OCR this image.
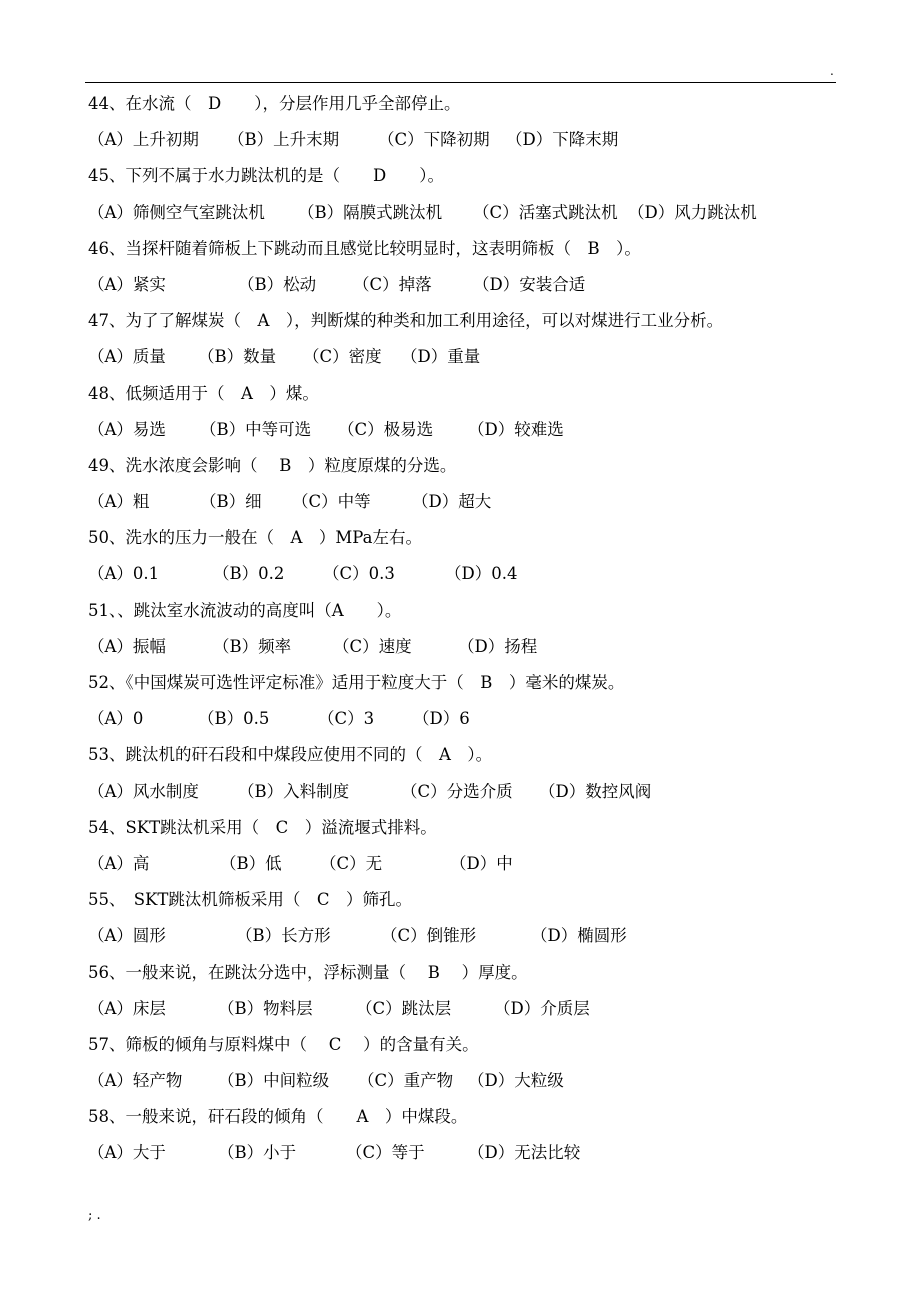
.
44、在水流（　D　　），分层作用几乎全部停止。
（A）上升初期 （B）上升末期 （C）下降初期 （D）下降末期
45、下列不属于水力跳汰机的是（　　D　　）。
（A）筛侧空气室跳汰机 （B）隔膜式跳汰机 （C）活塞式跳汰机 （D）风力跳汰机
46、当探杆随着筛板上下跳动而且感觉比较明显时，这表明筛板（　B　）。
（A）紧实	（B）松动 （C）掉落	（D）安装合适
47、为了了解煤炭（　A　），判断煤的种类和加工利用途径，可以对煤进行工业分析。
（A）质量 （B）数量 （C）密度 （D）重量
48、低频适用于（　A　）煤。
（A）易选 （B）中等可选 （C）极易选 （D）较难选
49、洗水浓度会影响（　 B　）粒度原煤的分选。
（A）粗	（B）细 （C）中等	（D）超大
50、洗水的压力一般在（　A　）MPa左右。
（A）0.1	（B）0.2 （C）0.3	（D）0.4
51、、跳汰室水流波动的高度叫（A　　）。
（A）振幅	（B）频率	（C）速度	（D）扬程
52、《中国煤炭可选性评定标准》适用于粒度大于（　B　）毫米的煤炭。
（A）0	（B）0.5	（C）3 （D）6
53、跳汰机的矸石段和中煤段应使用不同的（　A　）。
（A）风水制度 （B）入料制度	（C）分选介质 （D）数控风阀
54、SKT跳汰机采用（　C　）溢流堰式排料。
（A）高	（B）低 （C）无	（D）中
55、　SKT跳汰机筛板采用（　C　）筛孔。
（A）圆形	（B）长方形	（C）倒锥形	（D）椭圆形
56、一般来说，在跳汰分选中，浮标测量（　 B　 ）厚度。
（A）床层	（B）物料层	（C）跳汰层	（D）介质层
57、筛板的倾角与原料煤中（　 C　 ）的含量有关。
（A）轻产物 （B）中间粒级 （C）重产物 （D）大粒级
58、一般来说，矸石段的倾角（　　A　）中煤段。
（A）大于	（B）小于	（C）等于	（D）无法比较
; .
